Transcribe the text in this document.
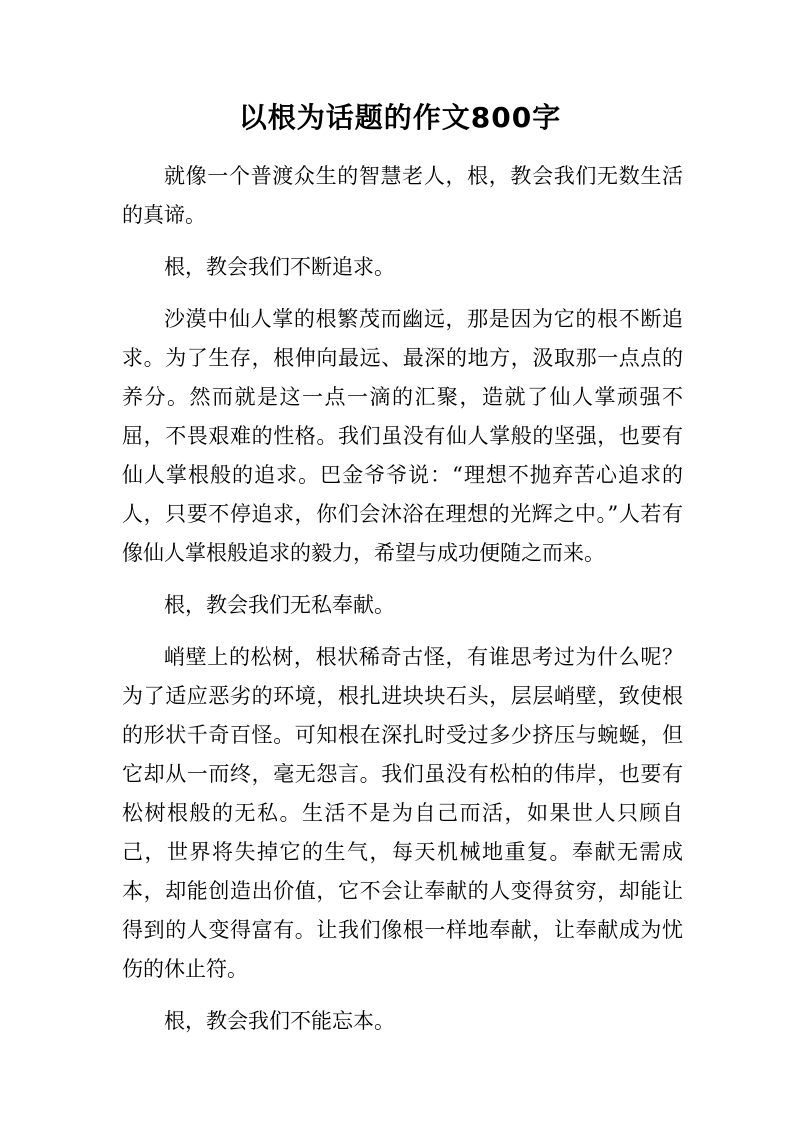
以根为话题的作文800字

就像一个普渡众生的智慧老人，根，教会我们无数生活的真谛。

根，教会我们不断追求。

沙漠中仙人掌的根繁茂而幽远，那是因为它的根不断追求。为了生存，根伸向最远、最深的地方，汲取那一点点的养分。然而就是这一点一滴的汇聚，造就了仙人掌顽强不屈，不畏艰难的性格。我们虽没有仙人掌般的坚强，也要有仙人掌根般的追求。巴金爷爷说：“理想不抛弃苦心追求的人，只要不停追求，你们会沐浴在理想的光辉之中。”人若有像仙人掌根般追求的毅力，希望与成功便随之而来。

根，教会我们无私奉献。

峭壁上的松树，根状稀奇古怪，有谁思考过为什么呢？为了适应恶劣的环境，根扎进块块石头，层层峭壁，致使根的形状千奇百怪。可知根在深扎时受过多少挤压与蜿蜒，但它却从一而终，毫无怨言。我们虽没有松柏的伟岸，也要有松树根般的无私。生活不是为自己而活，如果世人只顾自己，世界将失掉它的生气，每天机械地重复。奉献无需成本，却能创造出价值，它不会让奉献的人变得贫穷，却能让得到的人变得富有。让我们像根一样地奉献，让奉献成为忧伤的休止符。

根，教会我们不能忘本。
